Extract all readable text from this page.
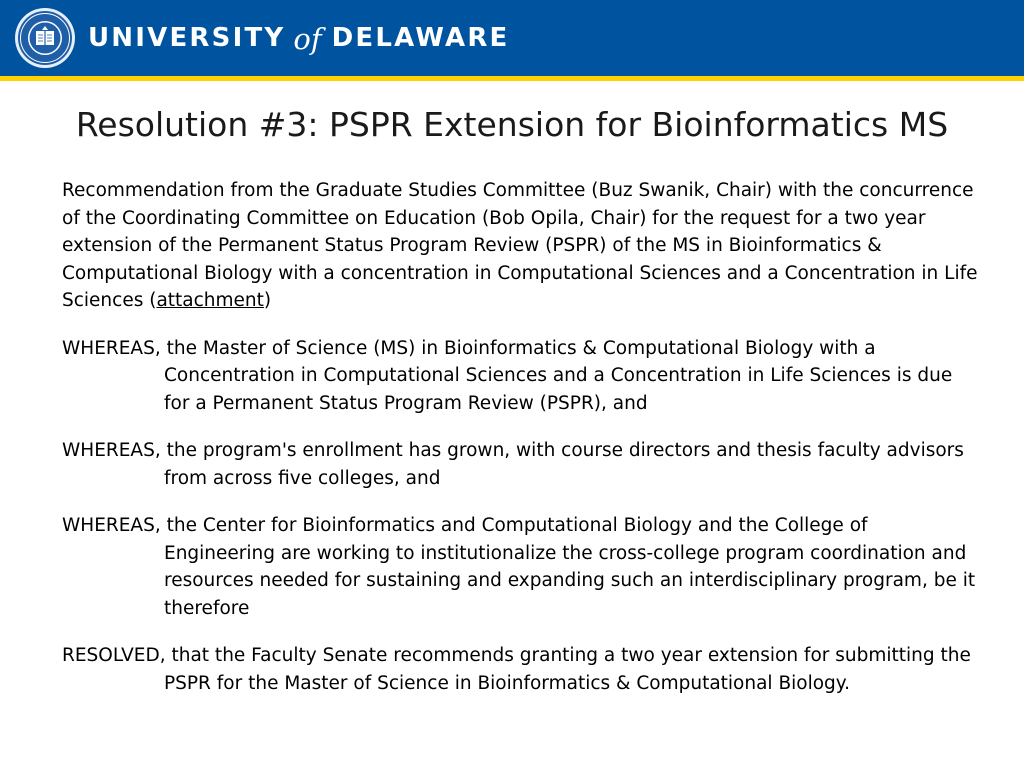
UNIVERSITY of DELAWARE
Resolution #3: PSPR Extension for Bioinformatics MS

Recommendation from the Graduate Studies Committee (Buz Swanik, Chair) with the concurrence of the Coordinating Committee on Education (Bob Opila, Chair) for the request for a two year extension of the Permanent Status Program Review (PSPR) of the MS in Bioinformatics & Computational Biology with a concentration in Computational Sciences and a Concentration in Life Sciences (attachment)

WHEREAS, the Master of Science (MS) in Bioinformatics & Computational Biology with a Concentration in Computational Sciences and a Concentration in Life Sciences is due for a Permanent Status Program Review (PSPR), and

WHEREAS, the program's enrollment has grown, with course directors and thesis faculty advisors from across five colleges, and

WHEREAS, the Center for Bioinformatics and Computational Biology and the College of Engineering are working to institutionalize the cross-college program coordination and resources needed for sustaining and expanding such an interdisciplinary program, be it therefore

RESOLVED, that the Faculty Senate recommends granting a two year extension for submitting the PSPR for the Master of Science in Bioinformatics & Computational Biology.
